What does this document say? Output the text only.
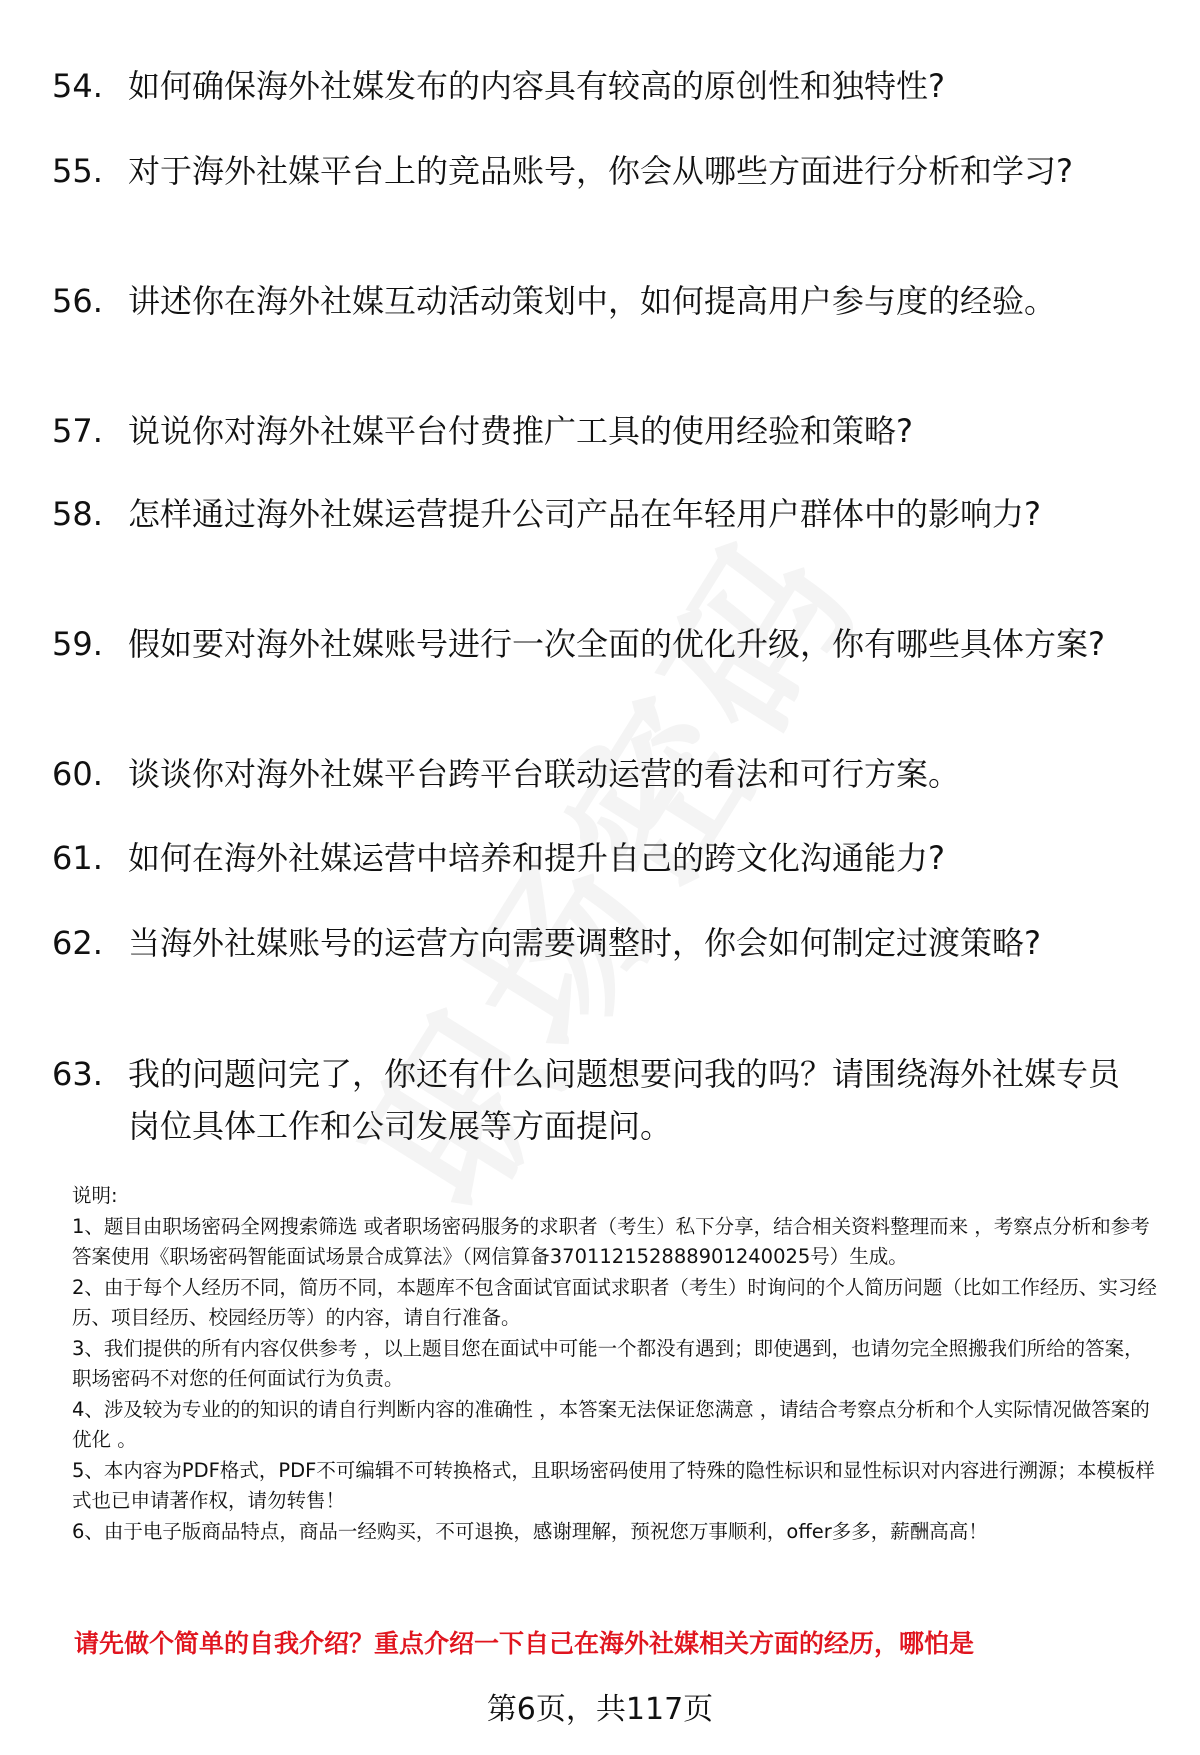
54. 如何确保海外社媒发布的内容具有较高的原创性和独特性?
55. 对于海外社媒平台上的竞品账号，你会从哪些方面进行分析和学习?
56. 讲述你在海外社媒互动活动策划中，如何提高用户参与度的经验。
57. 说说你对海外社媒平台付费推广工具的使用经验和策略?
58. 怎样通过海外社媒运营提升公司产品在年轻用户群体中的影响力?
59. 假如要对海外社媒账号进行一次全面的优化升级，你有哪些具体方案?
60. 谈谈你对海外社媒平台跨平台联动运营的看法和可行方案。
61. 如何在海外社媒运营中培养和提升自己的跨文化沟通能力?
62. 当海外社媒账号的运营方向需要调整时，你会如何制定过渡策略?
63. 我的问题问完了，你还有什么问题想要问我的吗？请围绕海外社媒专员岗位具体工作和公司发展等方面提问。
说明:
1、题目由职场密码全网搜索筛选 或者职场密码服务的求职者（考生）私下分享，结合相关资料整理而来 ，考察点分析和参考答案使用《职场密码智能面试场景合成算法》（网信算备370112152888901240025号）生成。
2、由于每个人经历不同，简历不同，本题库不包含面试官面试求职者（考生）时询问的个人简历问题（比如工作经历、实习经历、项目经历、校园经历等）的内容，请自行准备。
3、我们提供的所有内容仅供参考 ，以上题目您在面试中可能一个都没有遇到；即使遇到，也请勿完全照搬我们所给的答案，职场密码不对您的任何面试行为负责。
4、涉及较为专业的的知识的请自行判断内容的准确性 ，本答案无法保证您满意 ，请结合考察点分析和个人实际情况做答案的优化 。
5、本内容为PDF格式，PDF不可编辑不可转换格式，且职场密码使用了特殊的隐性标识和显性标识对内容进行溯源；本模板样式也已申请著作权，请勿转售！
6、由于电子版商品特点，商品一经购买，不可退换，感谢理解，预祝您万事顺利，offer多多，薪酬高高！
请先做个简单的自我介绍？重点介绍一下自己在海外社媒相关方面的经历，哪怕是
第6页，共117页
